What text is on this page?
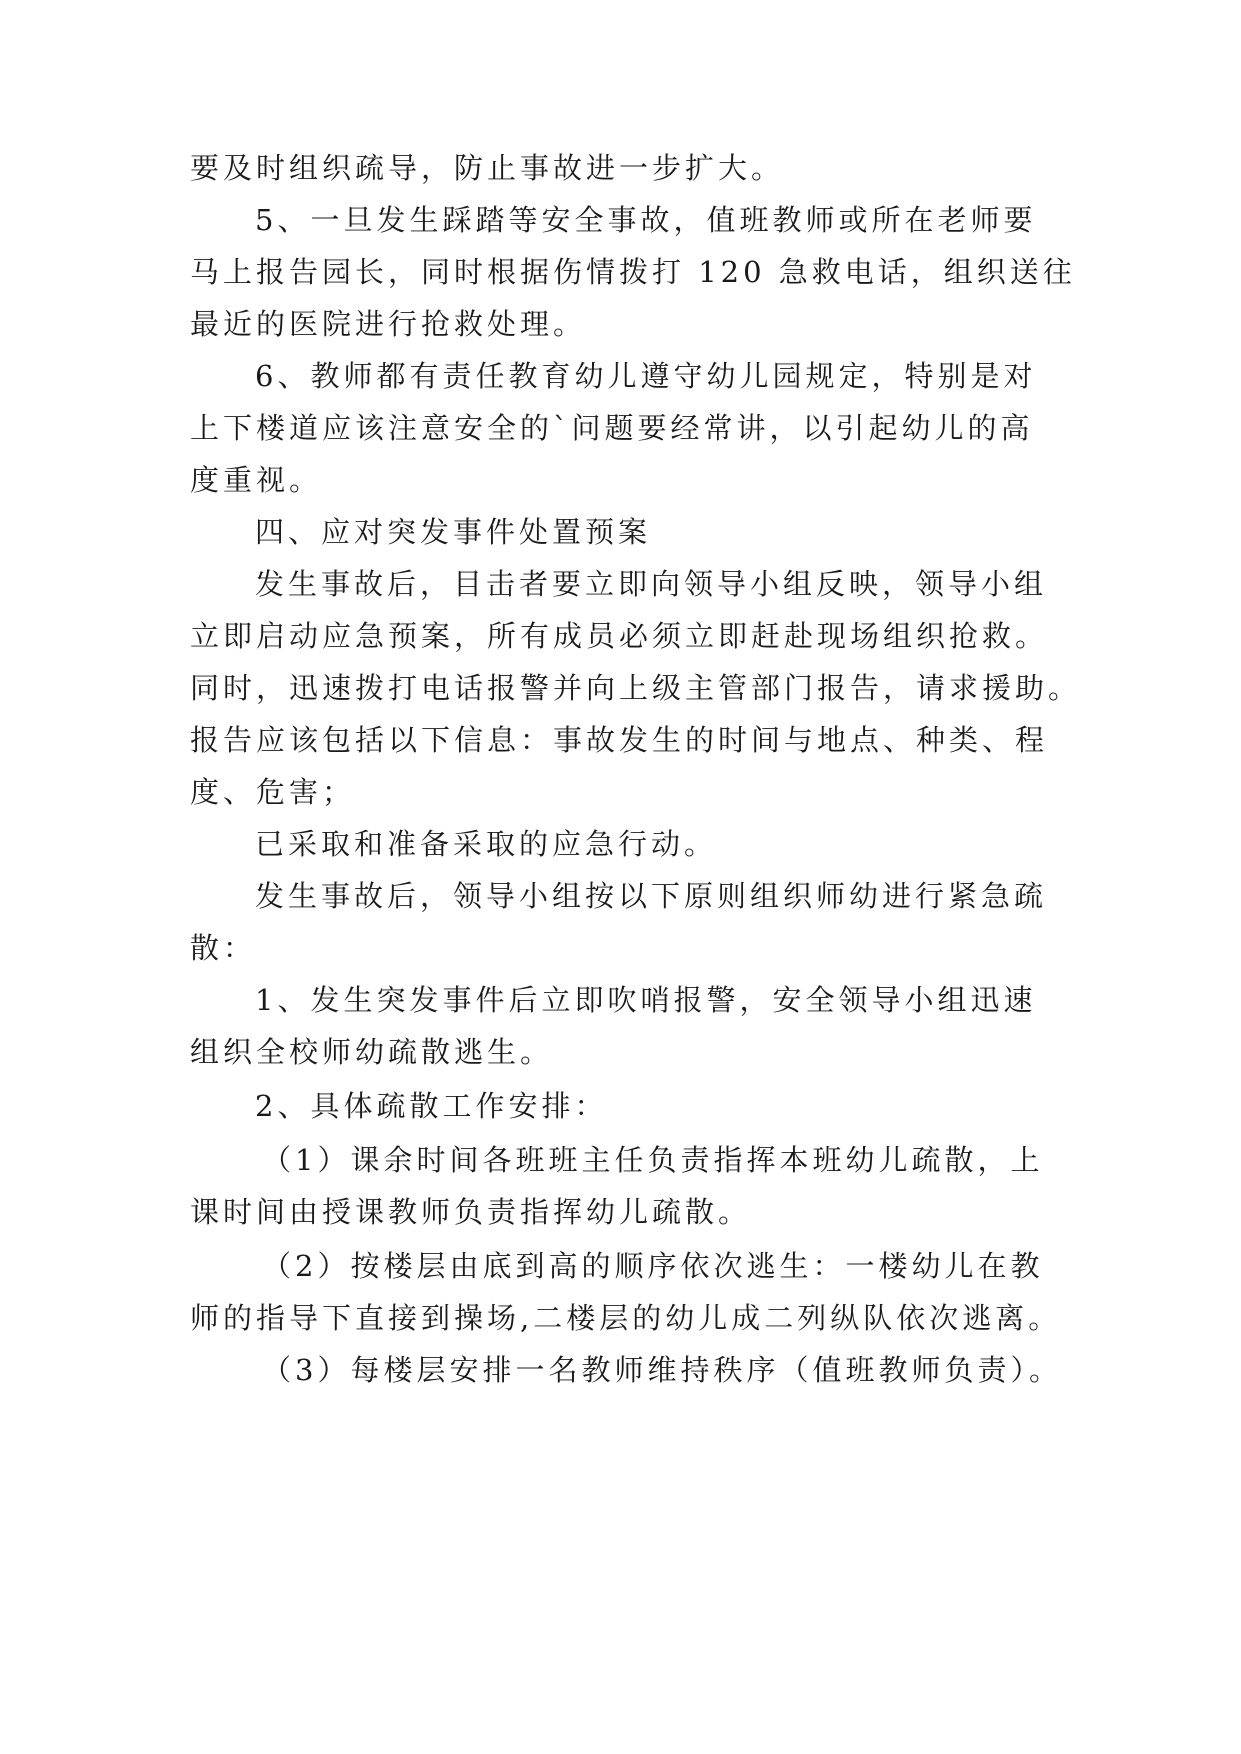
要及时组织疏导，防止事故进一步扩大。
5、一旦发生踩踏等安全事故，值班教师或所在老师要
马上报告园长，同时根据伤情拨打 120 急救电话，组织送往
最近的医院进行抢救处理。
6、教师都有责任教育幼儿遵守幼儿园规定，特别是对
上下楼道应该注意安全的`问题要经常讲，以引起幼儿的高
度重视。
四、应对突发事件处置预案
发生事故后，目击者要立即向领导小组反映，领导小组
立即启动应急预案，所有成员必须立即赶赴现场组织抢救。
同时，迅速拨打电话报警并向上级主管部门报告，请求援助。
报告应该包括以下信息：事故发生的时间与地点、种类、程
度、危害；
已采取和准备采取的应急行动。
发生事故后，领导小组按以下原则组织师幼进行紧急疏
散：
1、发生突发事件后立即吹哨报警，安全领导小组迅速
组织全校师幼疏散逃生。
2、具体疏散工作安排：
（1）课余时间各班班主任负责指挥本班幼儿疏散，上
课时间由授课教师负责指挥幼儿疏散。
（2）按楼层由底到高的顺序依次逃生：一楼幼儿在教
师的指导下直接到操场,二楼层的幼儿成二列纵队依次逃离。
（3）每楼层安排一名教师维持秩序（值班教师负责）。
